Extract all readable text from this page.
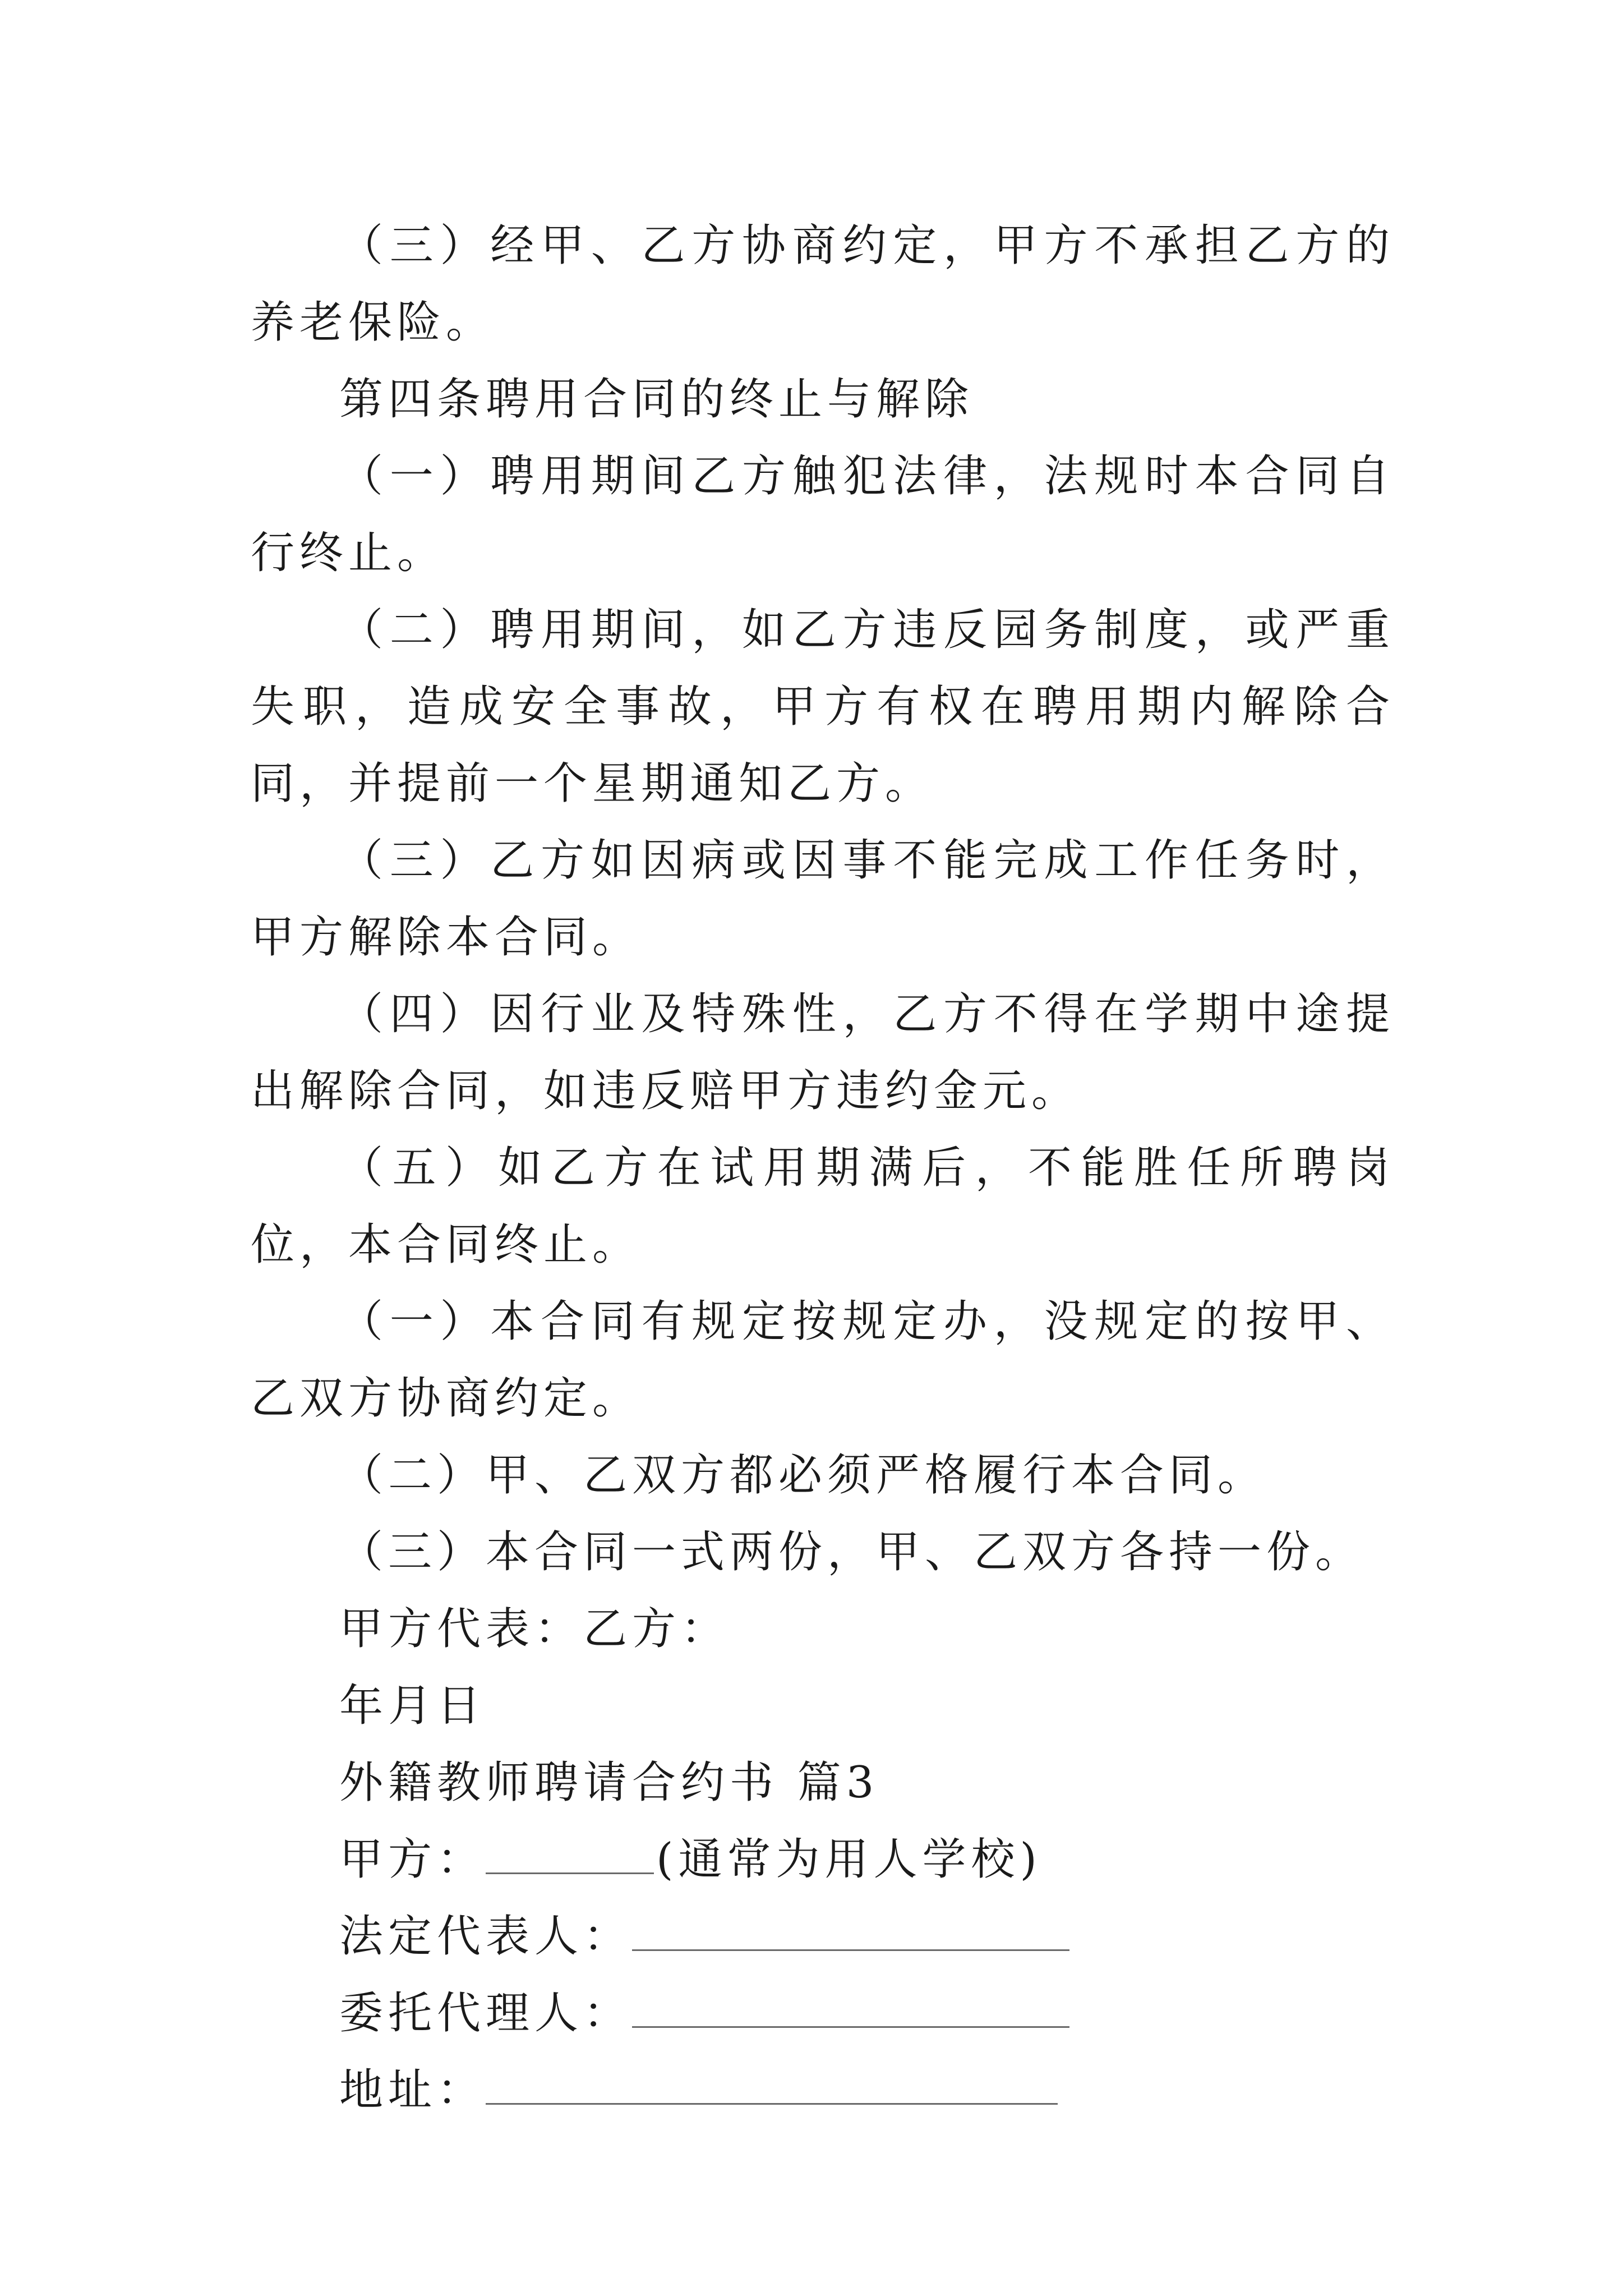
（三）经甲、乙方协商约定，甲方不承担乙方的养老保险。

第四条聘用合同的终止与解除

（一）聘用期间乙方触犯法律，法规时本合同自行终止。

（二）聘用期间，如乙方违反园务制度，或严重失职，造成安全事故，甲方有权在聘用期内解除合同，并提前一个星期通知乙方。

（三）乙方如因病或因事不能完成工作任务时，甲方解除本合同。

（四）因行业及特殊性，乙方不得在学期中途提出解除合同，如违反赔甲方违约金元。

（五）如乙方在试用期满后，不能胜任所聘岗位，本合同终止。

（一）本合同有规定按规定办，没规定的按甲、乙双方协商约定。

（二）甲、乙双方都必须严格履行本合同。

（三）本合同一式两份，甲、乙双方各持一份。

甲方代表：乙方：

年月日

外籍教师聘请合约书 篇3

甲方：	(通常为用人学校)

法定代表人：

委托代理人：

地址：
